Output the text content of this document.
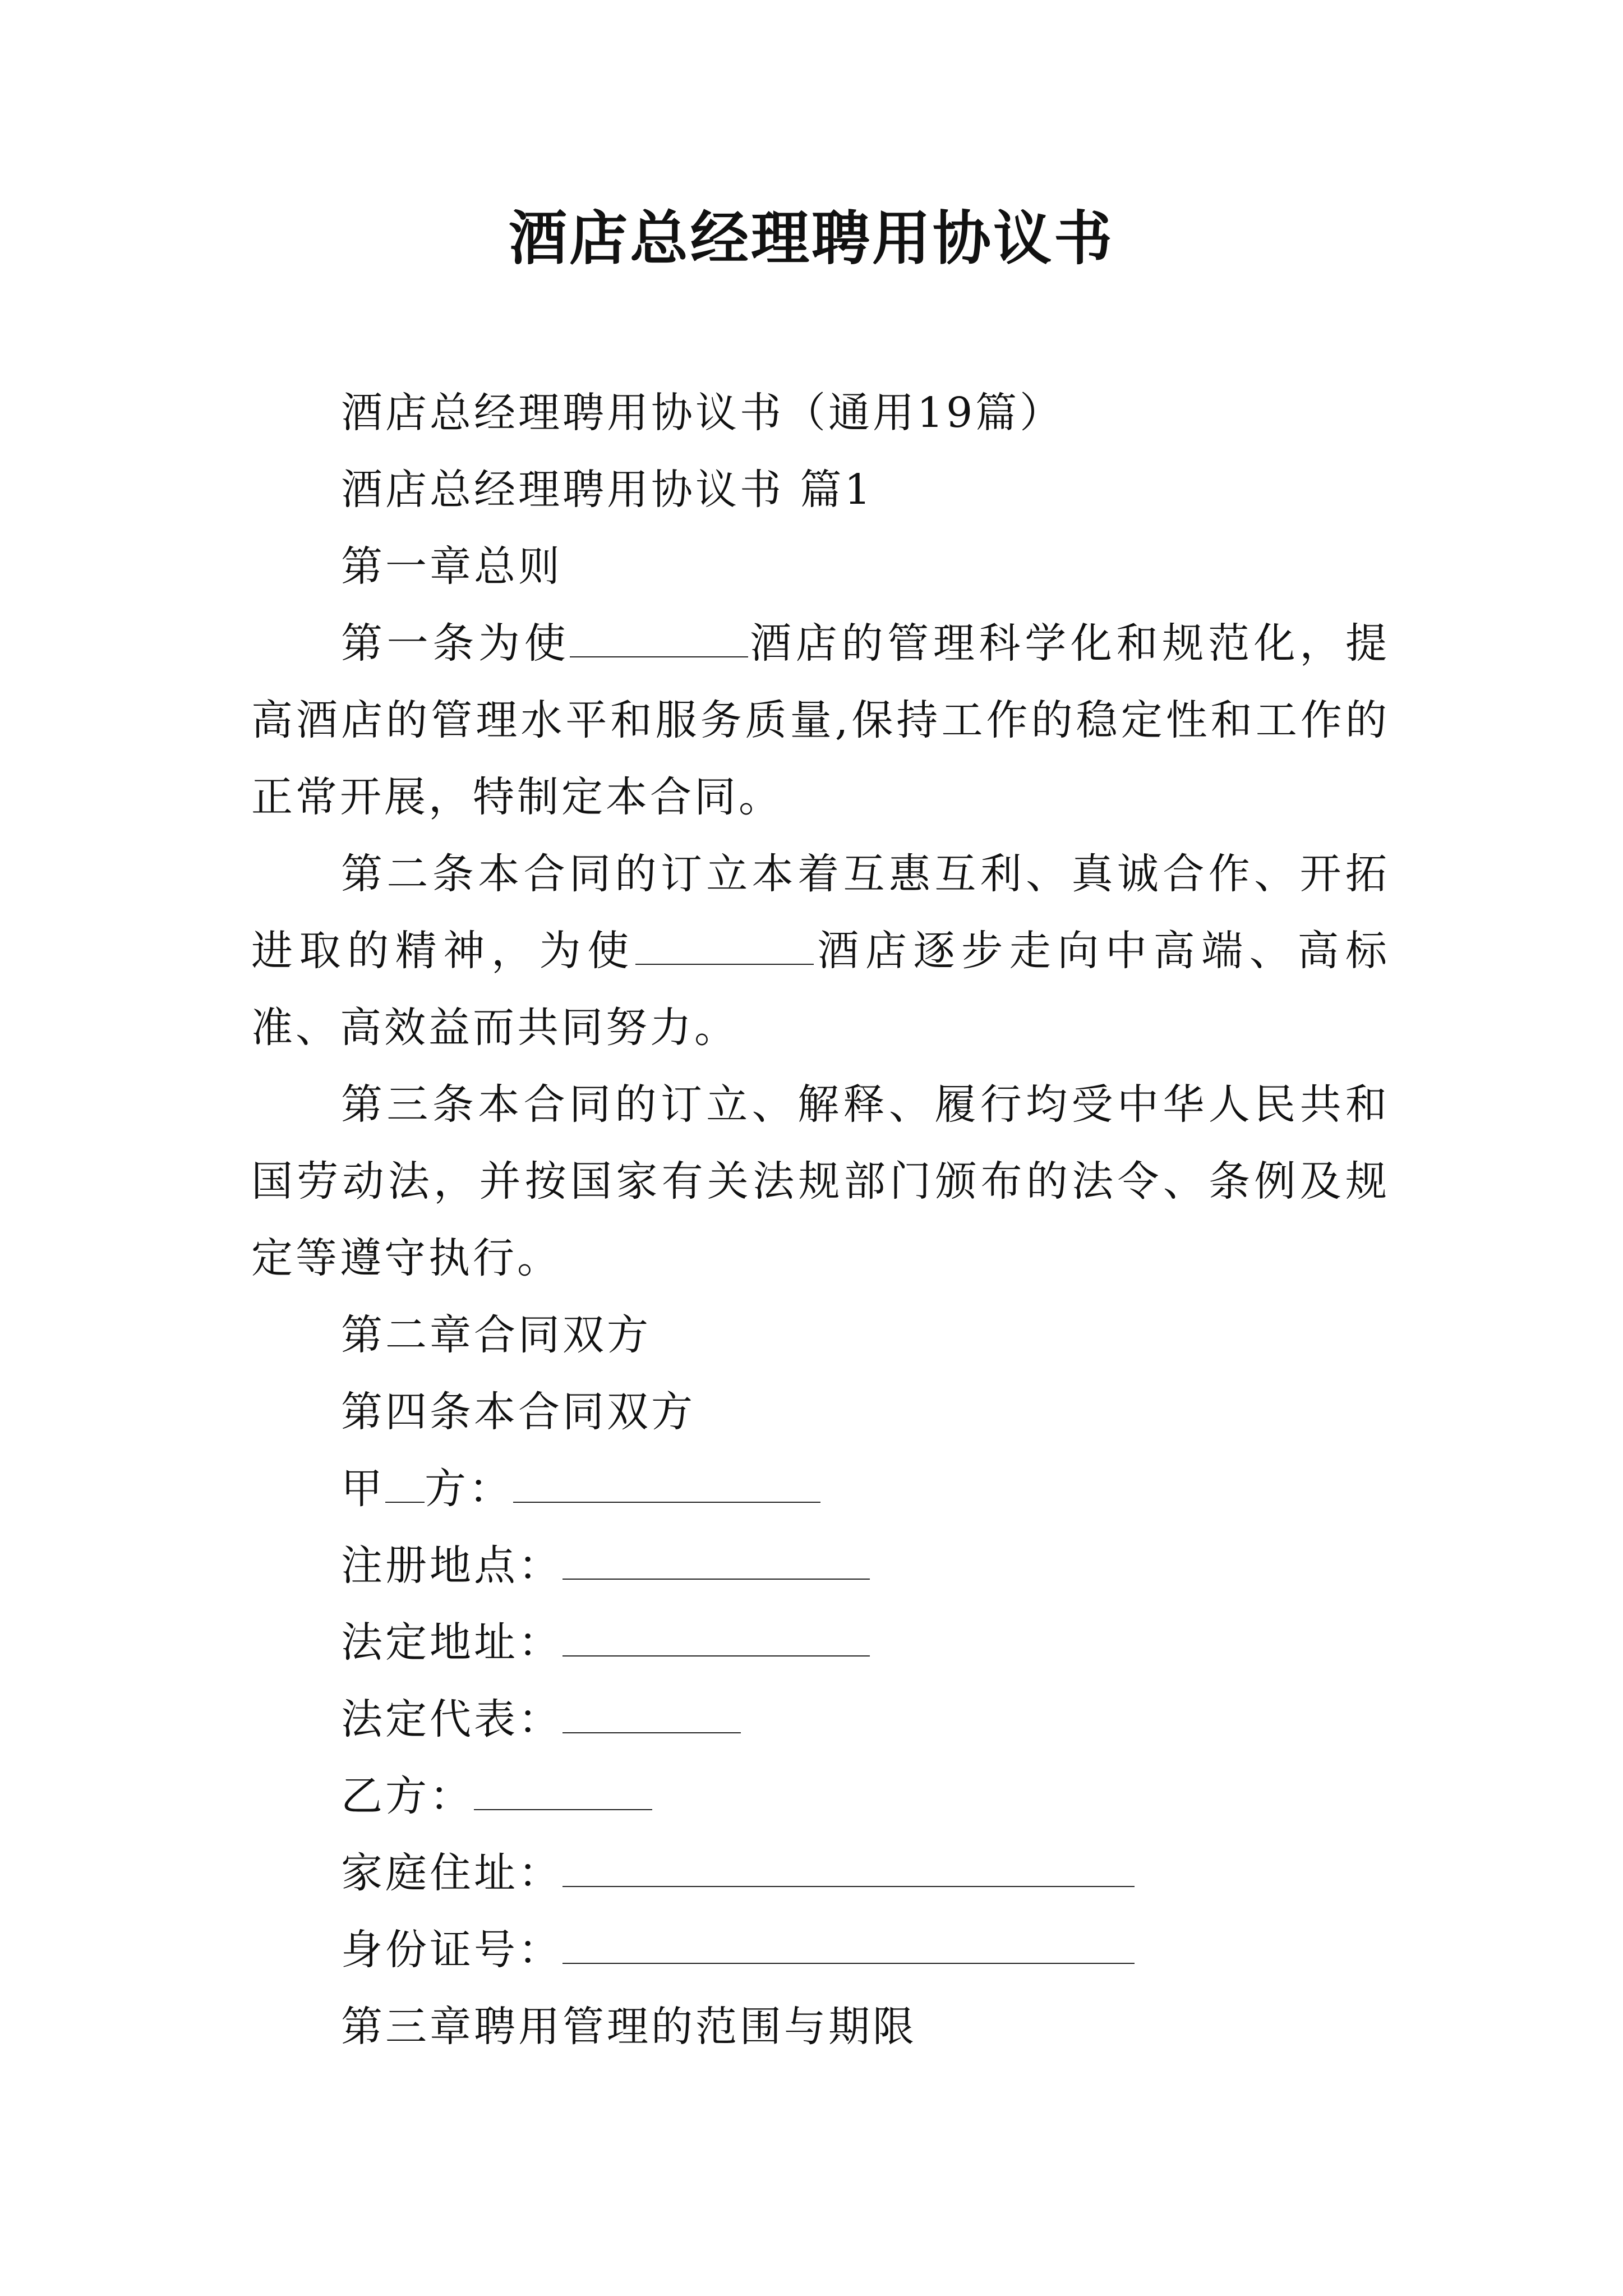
酒店总经理聘用协议书

酒店总经理聘用协议书（通用19篇）

酒店总经理聘用协议书 篇1

第一章总则

第一条为使	酒店的管理科学化和规范化，提高酒店的管理水平和服务质量,保持工作的稳定性和工作的正常开展，特制定本合同。

第二条本合同的订立本着互惠互利、真诚合作、开拓进取的精神，为使	酒店逐步走向中高端、高标准、高效益而共同努力。

第三条本合同的订立、解释、履行均受中华人民共和国劳动法，并按国家有关法规部门颁布的法令、条例及规定等遵守执行。

第二章合同双方

第四条本合同双方

甲 方：

注册地点：

法定地址：

法定代表：

乙方：

家庭住址：

身份证号：

第三章聘用管理的范围与期限
